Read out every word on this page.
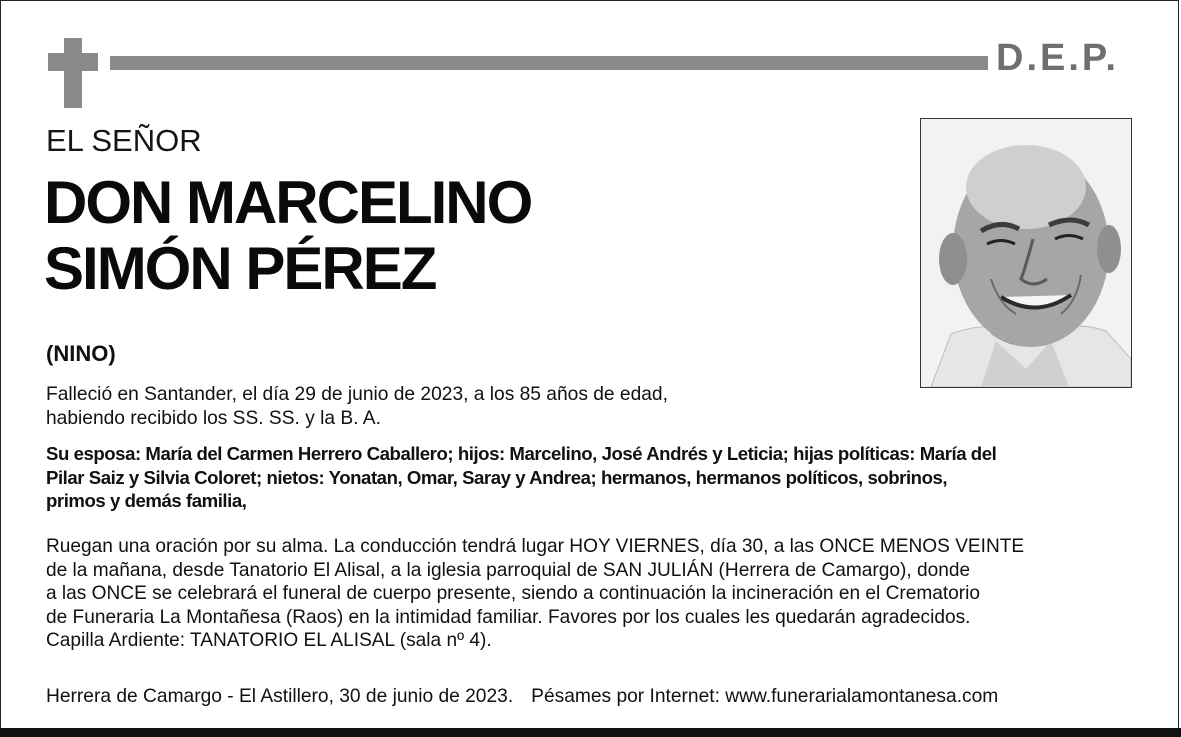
D.E.P.
EL SEÑOR
DON MARCELINO
SIMÓN PÉREZ
(NINO)
Falleció en Santander, el día 29 de junio de 2023, a los 85 años de edad,
habiendo recibido los SS. SS. y la B. A.
Su esposa: María del Carmen Herrero Caballero; hijos: Marcelino, José Andrés y Leticia; hijas políticas: María del
Pilar Saiz y Silvia Coloret; nietos: Yonatan, Omar, Saray y Andrea; hermanos, hermanos políticos, sobrinos,
primos y demás familia,
Ruegan una oración por su alma. La conducción tendrá lugar HOY VIERNES, día 30, a las ONCE MENOS VEINTE
de la mañana, desde Tanatorio El Alisal, a la iglesia parroquial de SAN JULIÁN (Herrera de Camargo), donde
a las ONCE se celebrará el funeral de cuerpo presente, siendo a continuación la incineración en el Crematorio
de Funeraria La Montañesa (Raos) en la intimidad familiar. Favores por los cuales les quedarán agradecidos.
Capilla Ardiente: TANATORIO EL ALISAL (sala nº 4).
Herrera de Camargo - El Astillero, 30 de junio de 2023. Pésames por Internet: www.funerarialamontanesa.com
